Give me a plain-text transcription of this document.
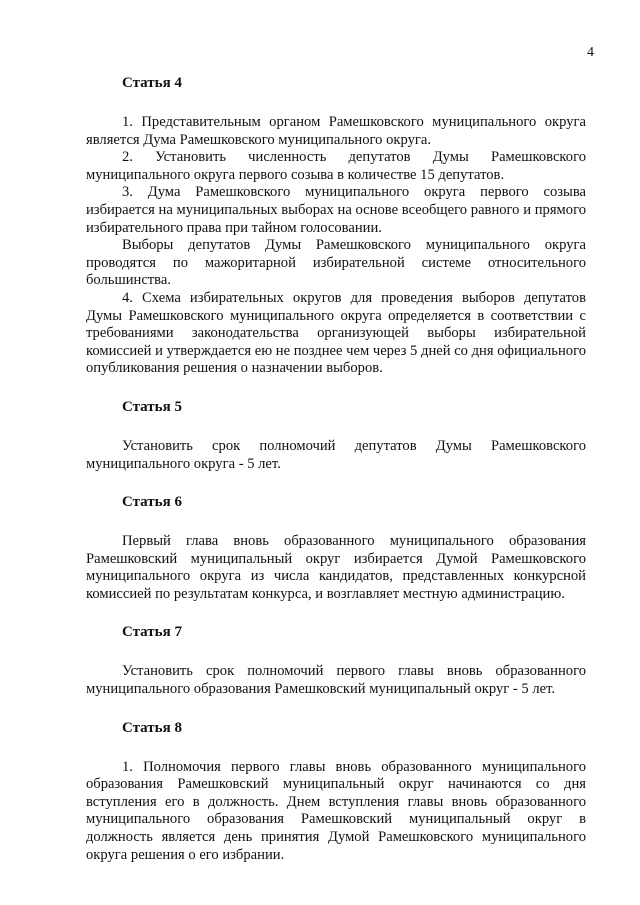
4
Статья 4

1. Представительным органом Рамешковского муниципального округа является Дума Рамешковского муниципального округа.

2. Установить численность депутатов Думы Рамешковского муниципального округа первого созыва в количестве 15 депутатов.

3. Дума Рамешковского муниципального округа первого созыва избирается на муниципальных выборах на основе всеобщего равного и прямого избирательного права при тайном голосовании.

Выборы депутатов Думы Рамешковского муниципального округа проводятся по мажоритарной избирательной системе относительного большинства.

4. Схема избирательных округов для проведения выборов депутатов Думы Рамешковского муниципального округа определяется в соответствии с требованиями законодательства организующей выборы избирательной комиссией и утверждается ею не позднее чем через 5 дней со дня официального опубликования решения о назначении выборов.

Статья 5

Установить срок полномочий депутатов Думы Рамешковского муниципального округа - 5 лет.

Статья 6

Первый глава вновь образованного муниципального образования Рамешковский муниципальный округ избирается Думой Рамешковского муниципального округа из числа кандидатов, представленных конкурсной комиссией по результатам конкурса, и возглавляет местную администрацию.

Статья 7

Установить срок полномочий первого главы вновь образованного муниципального образования Рамешковский муниципальный округ - 5 лет.

Статья 8

1. Полномочия первого главы вновь образованного муниципального образования Рамешковский муниципальный округ начинаются со дня вступления его в должность. Днем вступления главы вновь образованного муниципального образования Рамешковский муниципальный округ в должность является день принятия Думой Рамешковского муниципального округа решения о его избрании.
